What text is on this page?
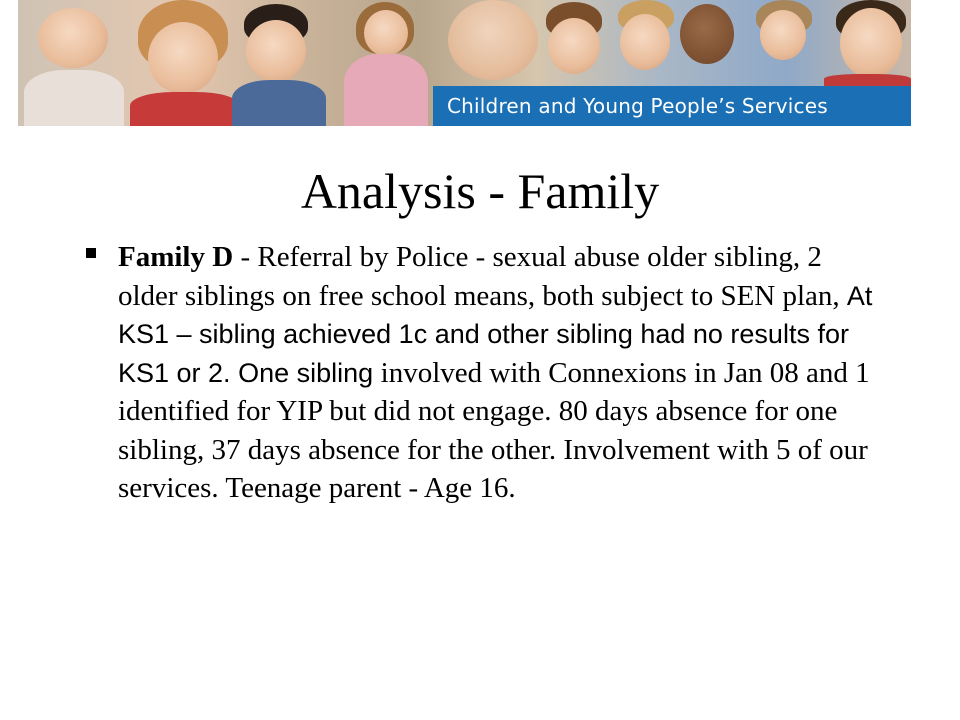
Children and Young People’s Services
Analysis - Family
Family D - Referral by Police - sexual abuse older sibling, 2 older siblings on free school means, both subject to SEN plan, At KS1 – sibling achieved 1c and other sibling had no results for KS1 or 2. One sibling involved with Connexions in Jan 08 and 1 identified for YIP but did not engage. 80 days absence for one sibling, 37 days absence for the other. Involvement with 5 of our services. Teenage parent - Age 16.
